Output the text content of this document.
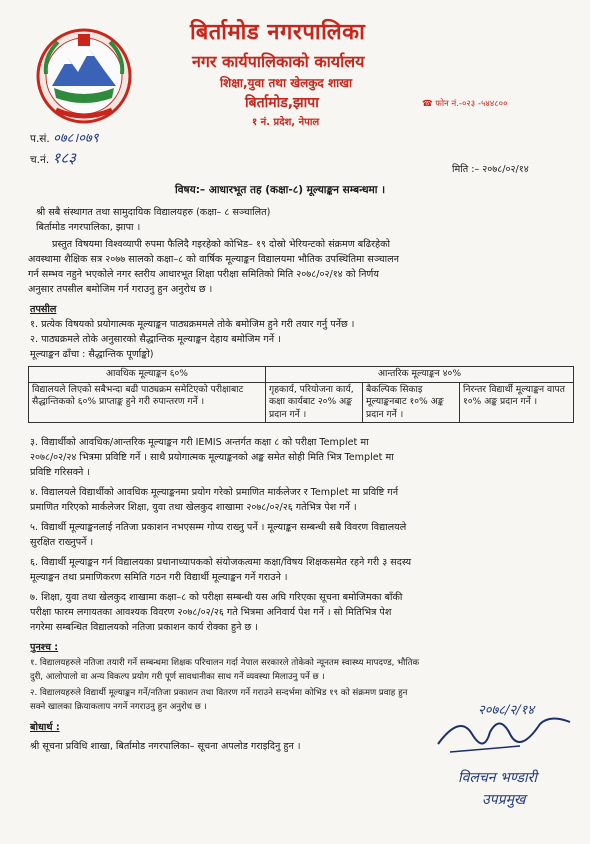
बिर्तामोड नगरपालिका
नगर कार्यपालिकाको कार्यालय
शिक्षा,युवा तथा खेलकुद शाखा
बिर्तामोड,झापा
१ नं. प्रदेश, नेपाल
☎ फोन नं.-०२३ -५४४८००
प.सं. ०७८।०७९
च.नं. १८३
मिति :– २०७८/०२/१४
विषय:– आधारभूत तह (कक्षा-८) मूल्याङ्कन सम्बन्धमा ।
श्री सबै संस्थागत तथा सामुदायिक विद्यालयहरु (कक्षा– ८ सञ्चालित)
बिर्तामोड नगरपालिका, झापा ।
प्रस्तुत विषयमा विश्वव्यापी रुपमा फैलिदै गइरहेको कोभिड– १९ दोस्रो भेरियन्टको संक्रमण बढिरहेको
अवस्थामा शैक्षिक सत्र २०७७ सालको कक्षा–८ को वार्षिक मूल्याङ्कन विद्यालयमा भौतिक उपस्थितिमा सञ्चालन
गर्न सम्भव नहुने भएकोले नगर स्तरीय आधारभूत शिक्षा परीक्षा समितिको मिति २०७८/०२/१४ को निर्णय
अनुसार तपसील बमोजिम गर्न गराउनु हुन अनुरोध छ ।
तपसील
१. प्रत्येक विषयको प्रयोगात्मक मूल्याङ्कन पाठ्यक्रममले तोके बमोजिम हुने गरी तयार गर्नु पर्नेछ ।
२. पाठ्यक्रमले तोके अनुसारको सैद्धान्तिक मूल्याङ्कन देहाय बमोजिम गर्ने ।
मूल्याङ्कन ढाँचा : सैद्धान्तिक पूर्णाङ्को)
आवधिक मूल्याङ्कन ६०%	आन्तरिक मूल्याङ्कन ४०%		
विद्यालयले लिएको सबैभन्दा बढी पाठ्यक्रम समेटिएको परीक्षाबाट सैद्धान्तिकको ६०% प्राप्ताङ्क हुने गरी रुपान्तरण गर्ने ।	गृहकार्य, परियोजना कार्य, कक्षा कार्यबाट २०% अङ्क प्रदान गर्ने ।	बैकल्पिक सिकाइ मूल्याङ्कनबाट १०% अङ्क प्रदान गर्ने ।	निरन्तर विद्यार्थी मूल्याङ्कन वापत १०% अङ्क प्रदान गर्ने ।
३. विद्यार्थीको आवधिक/आन्तरिक मूल्याङ्कन गरी IEMIS अन्तर्गत कक्षा ८ को परीक्षा Templet मा
२०७८/०२/२४ भित्रमा प्रविष्टि गर्ने । साथै प्रयोगात्मक मूल्याङ्कनको अङ्क समेत सोही मिति भित्र Templet मा
प्रविष्टि गरिसक्ने ।
४. विद्यालयले विद्यार्थीको आवधिक मूल्याङ्कनमा प्रयोग गरेको प्रमाणित मार्कलेजर र Templet मा प्रविष्टि गर्न
प्रमाणित गरिएको मार्कलेजर शिक्षा, युवा तथा खेलकुद शाखामा २०७८/०२/२६ गतेभित्र पेश गर्ने ।
५. विद्यार्थी मूल्याङ्कनलाई नतिजा प्रकाशन नभएसम्म गोप्य राख्नु पर्ने । मूल्याङ्कन सम्बन्धी सबै विवरण विद्यालयले
सुरक्षित राख्नुपर्ने ।
६. विद्यार्थी मूल्याङ्कन गर्न विद्यालयका प्रधानाध्यापकको संयोजकत्वमा कक्षा/विषय शिक्षकसमेत रहने गरी ३ सदस्य
मूल्याङ्कन तथा प्रमाणिकरण समिति गठन गरी विद्यार्थी मूल्याङ्कन गर्ने गराउने ।
७. शिक्षा, युवा तथा खेलकुद शाखामा कक्षा–८ को परीक्षा सम्बन्धी यस अघि गरिएका सूचना बमोजिमका बाँकी
परीक्षा फारम लगायतका आवश्यक विवरण २०७८/०२/२६ गते भित्रमा अनिवार्य पेश गर्ने । सो मितिभित्र पेश
नगरेमा सम्बन्धित विद्यालयको नतिजा प्रकाशन कार्य रोक्का हुने छ ।
पुनश्च :
१. विद्यालयहरुले नतिजा तयारी गर्ने सम्बन्धमा शिक्षक परिचालन गर्दा नेपाल सरकारले तोकेको न्यूनतम स्वास्थ्य मापदण्ड, भौतिक
दुरी, आलोपालो वा अन्य विकल्प प्रयोग गरी पूर्ण सावधानीका साथ गर्ने व्यवस्था मिलाउनु पर्ने छ ।
२. विद्यालयहरुले विद्यार्थी मूल्याङ्कन गर्ने/नतिजा प्रकाशन तथा वितरण गर्ने गराउने सन्दर्भमा कोभिड १९ को संक्रमण प्रवाह हुन
सक्ने खालका क्रियाकलाप नगर्ने नगराउनु हुन अनुरोध छ ।
बोधार्थ :
श्री सूचना प्रविधि शाखा, बिर्तामोड नगरपालिका– सूचना अपलोड गराइदिनु हुन ।
२०७८/२/१४
विलचन भण्डारी
उपप्रमुख
